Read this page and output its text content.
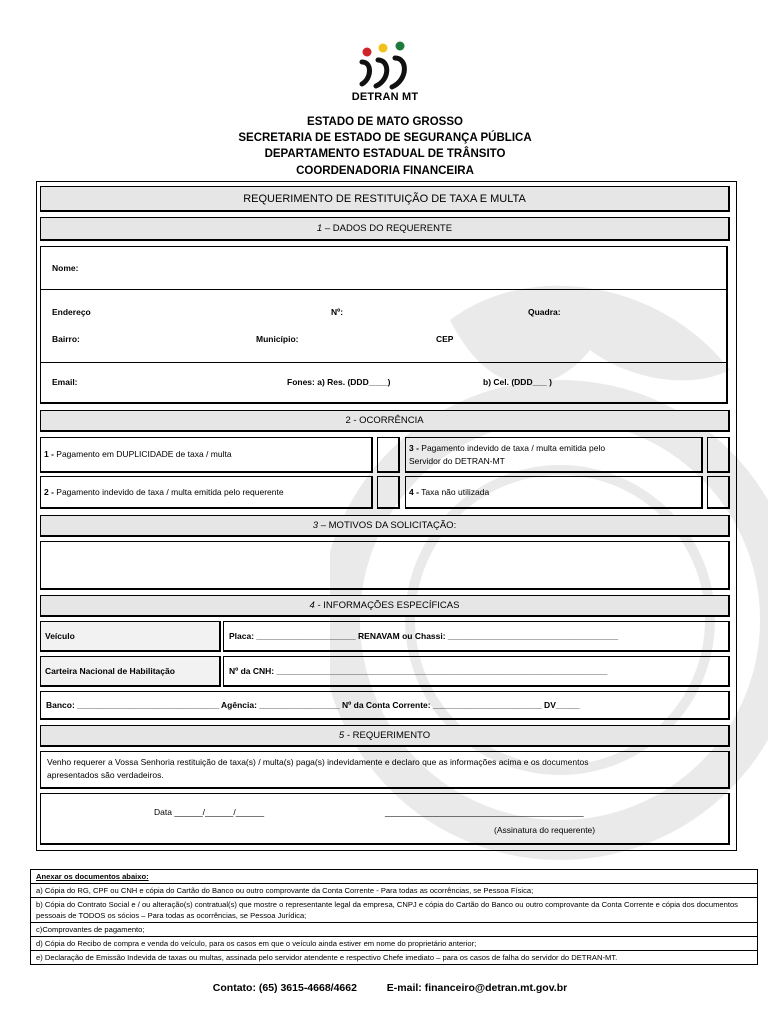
DETRAN MT
ESTADO DE MATO GROSSO
SECRETARIA DE ESTADO DE SEGURANÇA PÚBLICA
DEPARTAMENTO ESTADUAL DE TRÂNSITO
COORDENADORIA FINANCEIRA
REQUERIMENTO DE RESTITUIÇÃO DE TAXA E MULTA
1 – DADOS DO REQUERENTE
Nome:
Endereço	Nº:	Quadra:
Bairro:	Município:	CEP
Email:	Fones: a) Res. (DDD____)	b) Cel. (DDD___ )
2 - OCORRÊNCIA
1 - Pagamento em DUPLICIDADE de taxa / multa
3 - Pagamento indevido de taxa / multa emitida pelo
Servidor do DETRAN-MT
2 - Pagamento indevido de taxa / multa emitida pelo requerente	4 - Taxa não utilizada
3 – MOTIVOS DA SOLICITAÇÃO:
4 - INFORMAÇÕES ESPECÍFICAS
Veículo	Placa: _____________________ RENAVAM ou Chassi: ____________________________________
Carteira Nacional de Habilitação	Nº da CNH: ______________________________________________________________________
Banco: ______________________________ Agência: _________________ Nº da Conta Corrente: _______________________ DV_____
5 - REQUERIMENTO
Venho requerer a Vossa Senhoria restituição de taxa(s) / multa(s) paga(s) indevidamente e declaro que as informações acima e os documentos
apresentados são verdadeiros.
Data ______/______/______	__________________________________________
(Assinatura do requerente)
Anexar os documentos abaixo:
a) Cópia do RG, CPF ou CNH e cópia do Cartão do Banco ou outro comprovante da Conta Corrente - Para todas as ocorrências, se Pessoa Física;
b) Cópia do Contrato Social e / ou alteração(s) contratual(s) que mostre o representante legal da empresa, CNPJ e cópia do Cartão do Banco ou outro comprovante da Conta Corrente e cópia dos documentos pessoais de TODOS os sócios – Para todas as ocorrências, se Pessoa Jurídica;
c)Comprovantes de pagamento;
d) Cópia do Recibo de compra e venda do veículo, para os casos em que o veículo ainda estiver em nome do proprietário anterior;
e) Declaração de Emissão Indevida de taxas ou multas, assinada pelo servidor atendente e respectivo Chefe imediato – para os casos de falha do servidor do DETRAN-MT.
Contato: (65) 3615-4668/4662	E-mail: financeiro@detran.mt.gov.br
